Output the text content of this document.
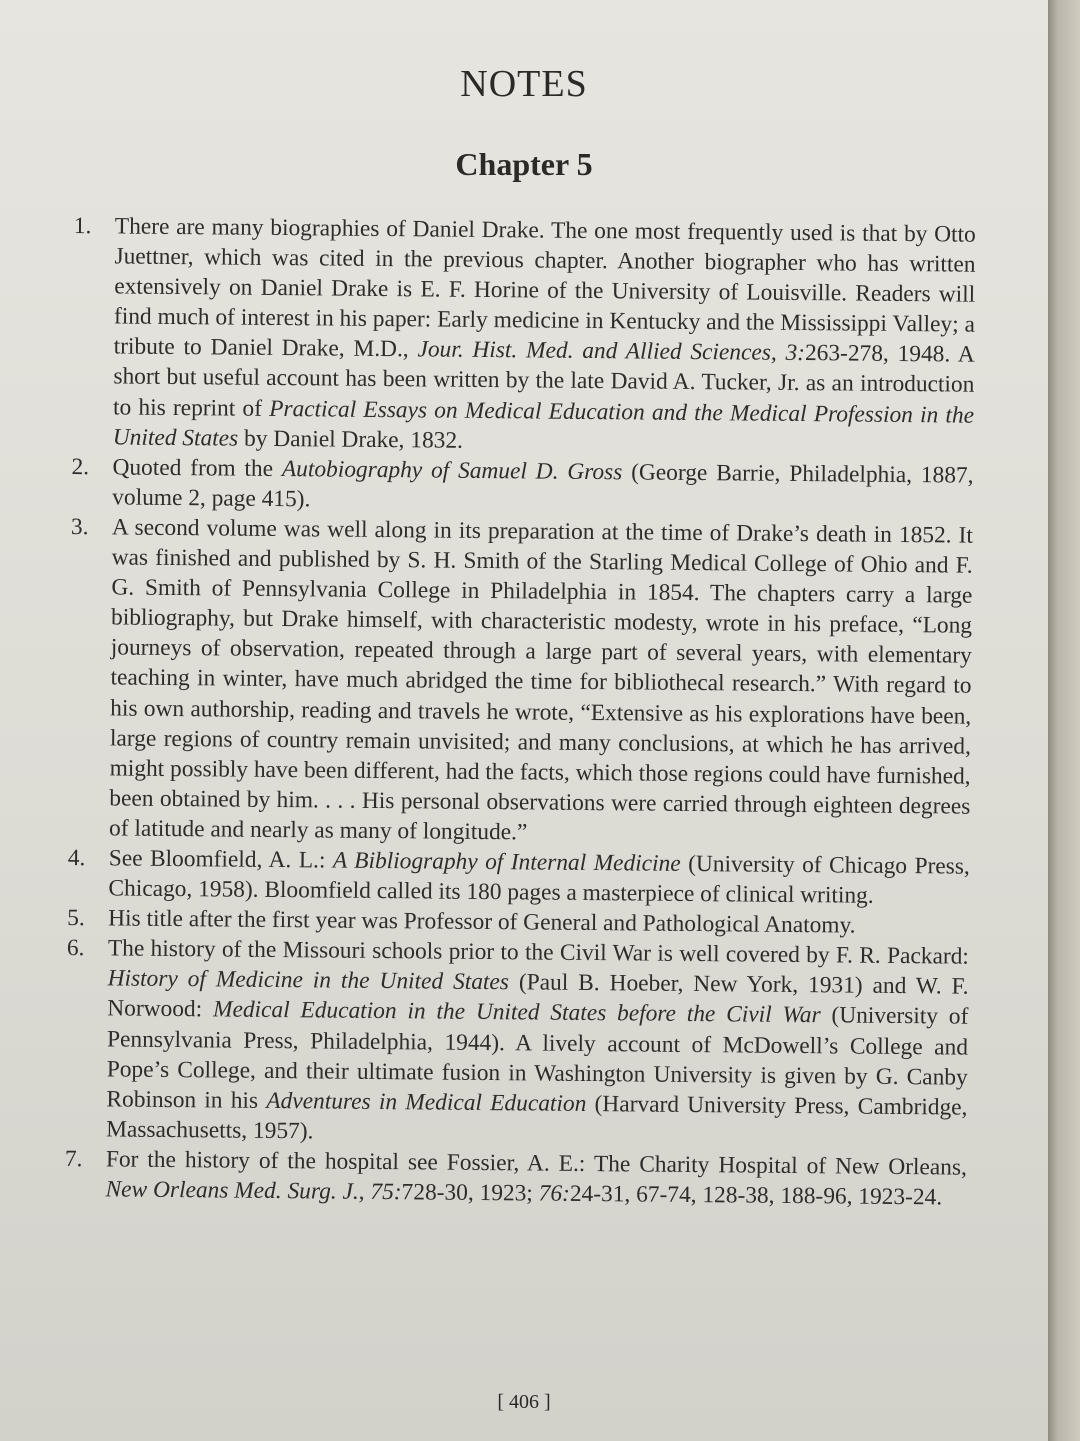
NOTES
Chapter 5
1. There are many biographies of Daniel Drake. The one most frequently used is that by Otto Juettner, which was cited in the previous chapter. Another biographer who has written extensively on Daniel Drake is E. F. Horine of the University of Louisville. Readers will find much of interest in his paper: Early medicine in Kentucky and the Mississippi Valley; a tribute to Daniel Drake, M.D., Jour. Hist. Med. and Allied Sciences, 3:263-278, 1948. A short but useful account has been written by the late David A. Tucker, Jr. as an introduction to his reprint of Practical Essays on Medical Education and the Medical Profession in the United States by Daniel Drake, 1832.
2. Quoted from the Autobiography of Samuel D. Gross (George Barrie, Philadelphia, 1887, volume 2, page 415).
3. A second volume was well along in its preparation at the time of Drake’s death in 1852. It was finished and published by S. H. Smith of the Starling Medical College of Ohio and F. G. Smith of Pennsylvania College in Philadelphia in 1854. The chapters carry a large bibliography, but Drake himself, with characteristic modesty, wrote in his preface, “Long journeys of observation, repeated through a large part of several years, with elementary teaching in winter, have much abridged the time for bibliothecal research.” With regard to his own authorship, reading and travels he wrote, “Extensive as his explorations have been, large regions of country remain unvisited; and many conclusions, at which he has arrived, might possibly have been different, had the facts, which those regions could have furnished, been obtained by him. . . . His personal observations were carried through eighteen degrees of latitude and nearly as many of longitude.”
4. See Bloomfield, A. L.: A Bibliography of Internal Medicine (University of Chicago Press, Chicago, 1958). Bloomfield called its 180 pages a masterpiece of clinical writing.
5. His title after the first year was Professor of General and Pathological Anatomy.
6. The history of the Missouri schools prior to the Civil War is well covered by F. R. Packard: History of Medicine in the United States (Paul B. Hoeber, New York, 1931) and W. F. Norwood: Medical Education in the United States before the Civil War (University of Pennsylvania Press, Philadelphia, 1944). A lively account of McDowell’s College and Pope’s College, and their ultimate fusion in Washington University is given by G. Canby Robinson in his Adventures in Medical Education (Harvard University Press, Cambridge, Massachusetts, 1957).
7. For the history of the hospital see Fossier, A. E.: The Charity Hospital of New Orleans, New Orleans Med. Surg. J., 75:728-30, 1923; 76:24-31, 67-74, 128-38, 188-96, 1923-24.
[ 406 ]
